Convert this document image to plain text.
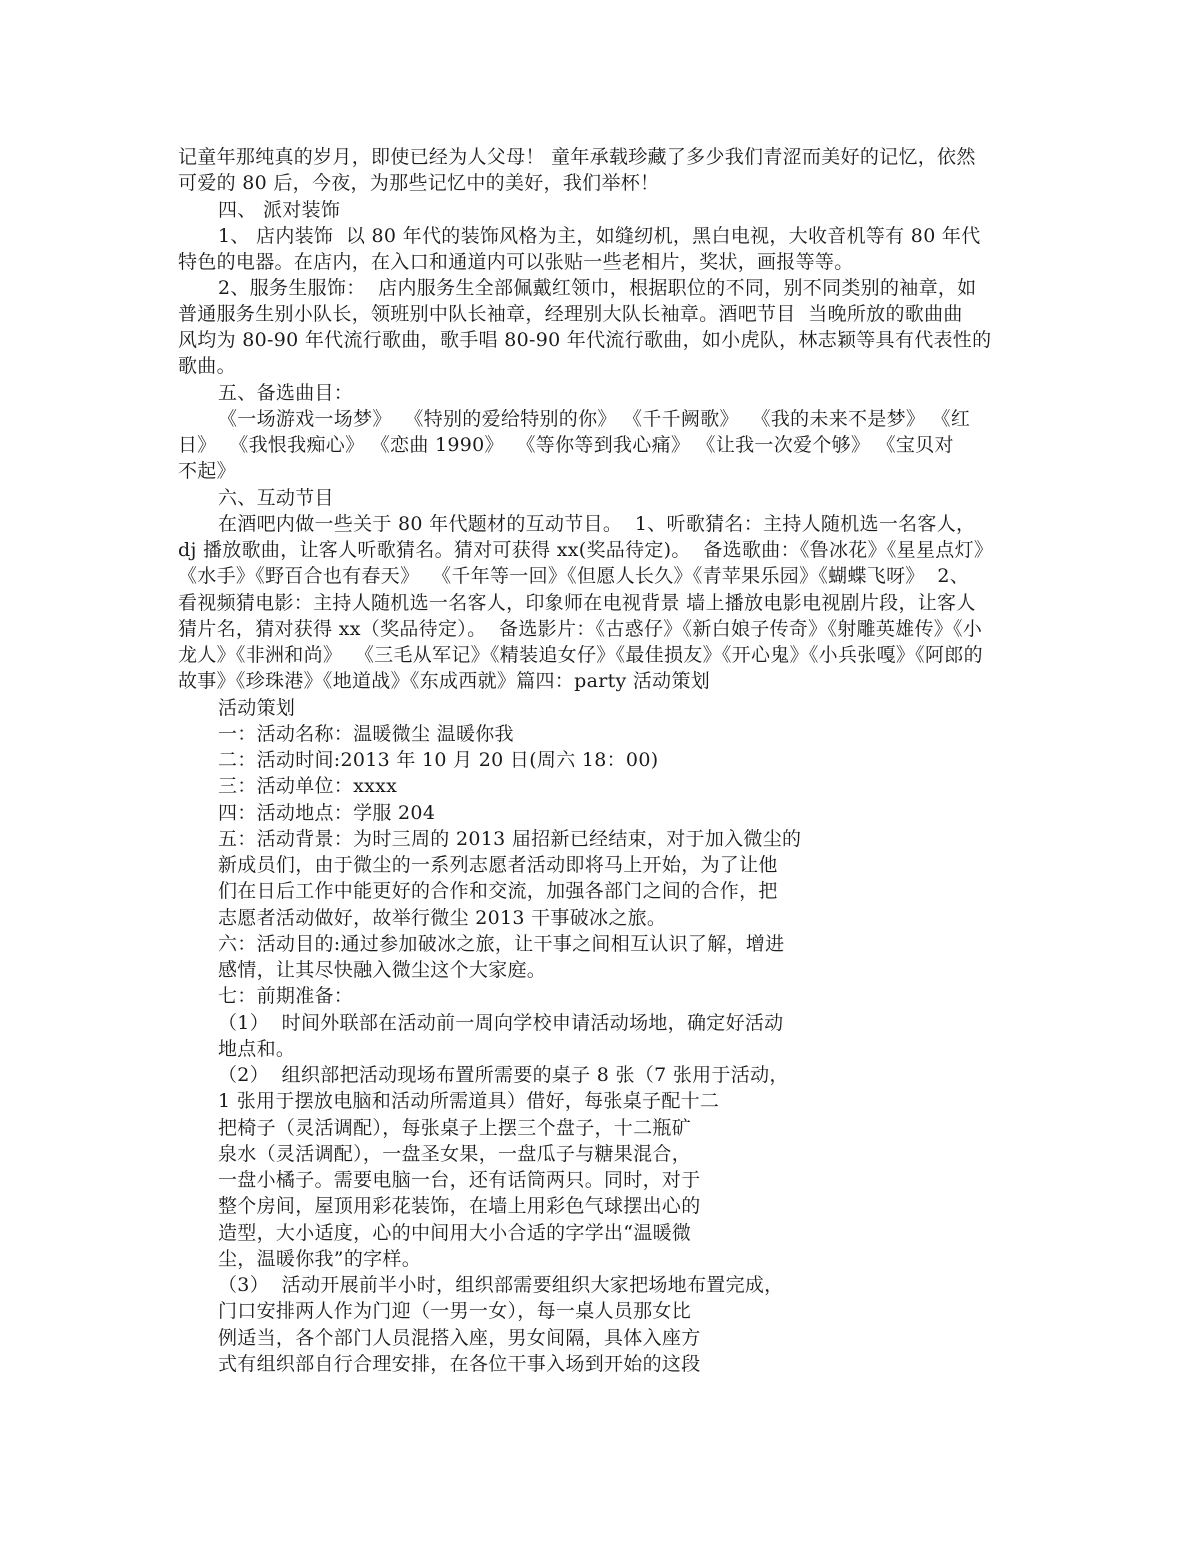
记童年那纯真的岁月，即使已经为人父母！ 童年承载珍藏了多少我们青涩而美好的记忆，依然
可爱的 80 后，今夜，为那些记忆中的美好，我们举杯！
四、 派对装饰
1、 店内装饰  以 80 年代的装饰风格为主，如缝纫机，黑白电视，大收音机等有 80 年代
特色的电器。在店内，在入口和通道内可以张贴一些老相片，奖状，画报等等。
2、服务生服饰：  店内服务生全部佩戴红领巾，根据职位的不同，别不同类别的袖章，如
普通服务生别小队长，领班别中队长袖章，经理别大队长袖章。酒吧节目  当晚所放的歌曲曲
风均为 80-90 年代流行歌曲，歌手唱 80-90 年代流行歌曲，如小虎队，林志颖等具有代表性的
歌曲。
五、备选曲目：
《一场游戏一场梦》  《特别的爱给特别的你》 《千千阙歌》  《我的未来不是梦》 《红
日》  《我恨我痴心》 《恋曲 1990》  《等你等到我心痛》 《让我一次爱个够》 《宝贝对
不起》
六、互动节目
在酒吧内做一些关于 80 年代题材的互动节目。  1、听歌猜名：主持人随机选一名客人，
dj 播放歌曲，让客人听歌猜名。猜对可获得 xx(奖品待定)。  备选歌曲：《鲁冰花》《星星点灯》
《水手》《野百合也有春天》  《千年等一回》《但愿人长久》《青苹果乐园》《蝴蝶飞呀》  2、
看视频猜电影：主持人随机选一名客人，印象师在电视背景 墙上播放电影电视剧片段，让客人
猜片名，猜对获得 xx（奖品待定）。  备选影片：《古惑仔》《新白娘子传奇》《射雕英雄传》《小
龙人》《非洲和尚》  《三毛从军记》《精装追女仔》《最佳损友》《开心鬼》《小兵张嘎》《阿郎的
故事》《珍珠港》《地道战》《东成西就》篇四：party 活动策划
活动策划
一：活动名称：温暖微尘 温暖你我
二：活动时间:2013 年 10 月 20 日(周六 18：00)
三：活动单位：xxxx
四：活动地点：学服 204
五：活动背景：为时三周的 2013 届招新已经结束，对于加入微尘的
新成员们，由于微尘的一系列志愿者活动即将马上开始，为了让他
们在日后工作中能更好的合作和交流，加强各部门之间的合作，把
志愿者活动做好，故举行微尘 2013 干事破冰之旅。
六：活动目的:通过参加破冰之旅，让干事之间相互认识了解，增进
感情，让其尽快融入微尘这个大家庭。
七：前期准备：
（1）  时间外联部在活动前一周向学校申请活动场地，确定好活动
地点和。
（2）  组织部把活动现场布置所需要的桌子 8 张（7 张用于活动，
1 张用于摆放电脑和活动所需道具）借好，每张桌子配十二
把椅子（灵活调配），每张桌子上摆三个盘子，十二瓶矿
泉水（灵活调配），一盘圣女果，一盘瓜子与糖果混合，
一盘小橘子。需要电脑一台，还有话筒两只。同时，对于
整个房间，屋顶用彩花装饰，在墙上用彩色气球摆出心的
造型，大小适度，心的中间用大小合适的字学出“温暖微
尘，温暖你我”的字样。
（3）  活动开展前半小时，组织部需要组织大家把场地布置完成，
门口安排两人作为门迎（一男一女），每一桌人员那女比
例适当，各个部门人员混搭入座，男女间隔，具体入座方
式有组织部自行合理安排，在各位干事入场到开始的这段
